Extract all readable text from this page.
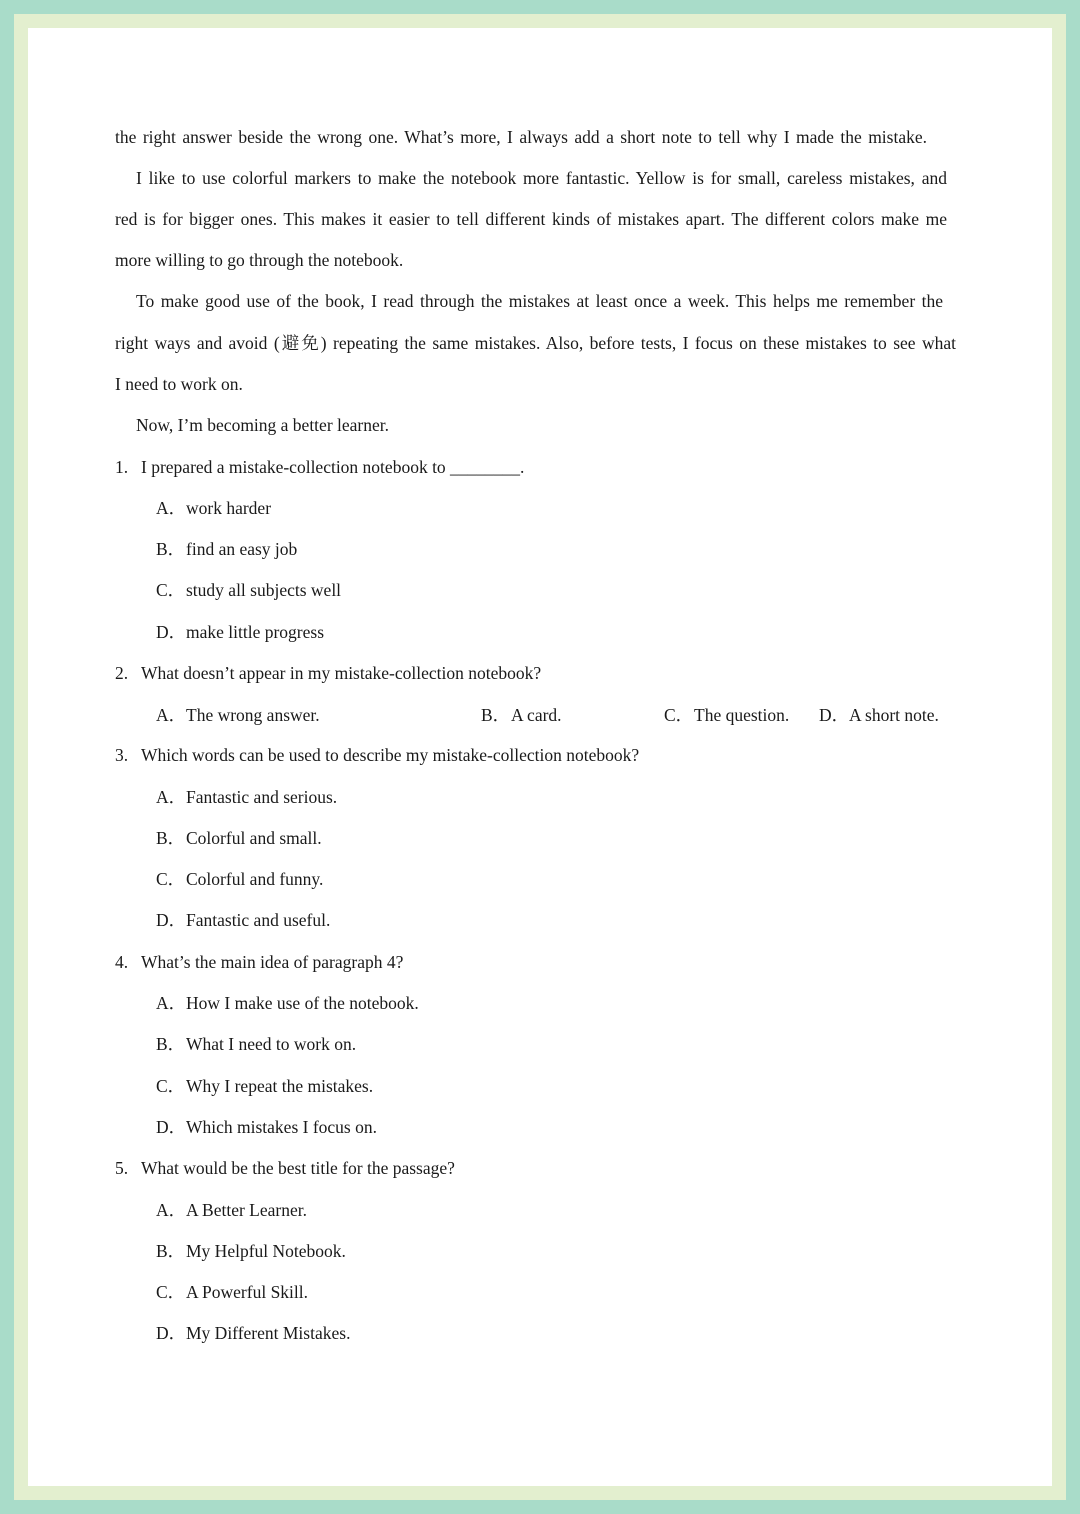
the right answer beside the wrong one. What’s more, I always add a short note to tell why I made the mistake.
I like to use colorful markers to make the notebook more fantastic. Yellow is for small, careless mistakes, and
red is for bigger ones. This makes it easier to tell different kinds of mistakes apart. The different colors make me
more willing to go through the notebook.
To make good use of the book, I read through the mistakes at least once a week. This helps me remember the
right ways and avoid (避免) repeating the same mistakes. Also, before tests, I focus on these mistakes to see what
I need to work on.
Now, I’m becoming a better learner.
1. I prepared a mistake-collection notebook to ________.
A．work harder
B．find an easy job
C．study all subjects well
D．make little progress
2. What doesn’t appear in my mistake-collection notebook?
A．The wrong answer.	B．A card.	C．The question. D．A short note.
3. Which words can be used to describe my mistake-collection notebook?
A．Fantastic and serious.
B．Colorful and small.
C．Colorful and funny.
D．Fantastic and useful.
4. What’s the main idea of paragraph 4?
A．How I make use of the notebook.
B．What I need to work on.
C．Why I repeat the mistakes.
D．Which mistakes I focus on.
5. What would be the best title for the passage?
A．A Better Learner.
B．My Helpful Notebook.
C．A Powerful Skill.
D．My Different Mistakes.
